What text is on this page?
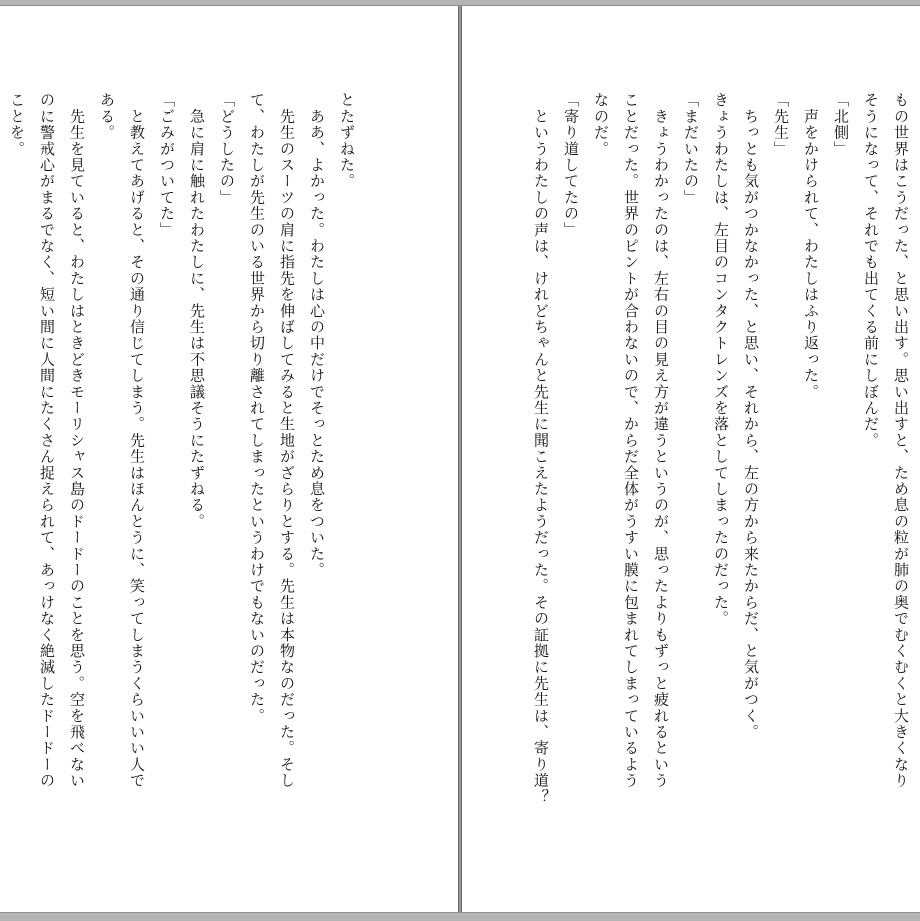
とたずねた。
　ああ、よかった。わたしは心の中だけでそっとため息をついた。
　先生のスーツの肩に指先を伸ばしてみると生地がざらりとする。先生は本物なのだった。そし
て、わたしが先生のいる世界から切り離されてしまったというわけでもないのだった。
「どうしたの」
　急に肩に触れたわたしに、先生は不思議そうにたずねる。
「ごみがついてた」
　と教えてあげると、その通り信じてしまう。先生はほんとうに、笑ってしまうくらいいい人で
ある。
　先生を見ていると、わたしはときどきモーリシャス島のドードーのことを思う。空を飛べない
のに警戒心がまるでなく、短い間に人間にたくさん捉えられて、あっけなく絶滅したドードーの
ことを。	もの世界はこうだった、と思い出す。思い出すと、ため息の粒が肺の奥でむくむくと大きくなり
そうになって、それでも出てくる前にしぼんだ。
「北側」
　声をかけられて、わたしはふり返った。
「先生」
　ちっとも気がつかなかった、と思い、それから、左の方から来たからだ、と気がつく。
きょうわたしは、左目のコンタクトレンズを落としてしまったのだった。
「まだいたの」
　きょうわかったのは、左右の目の見え方が違うというのが、思ったよりもずっと疲れるという
ことだった。世界のピントが合わないので、からだ全体がうすい膜に包まれてしまっているよう
なのだ。
「寄り道してたの」
　というわたしの声は、けれどちゃんと先生に聞こえたようだった。その証拠に先生は、寄り道？
